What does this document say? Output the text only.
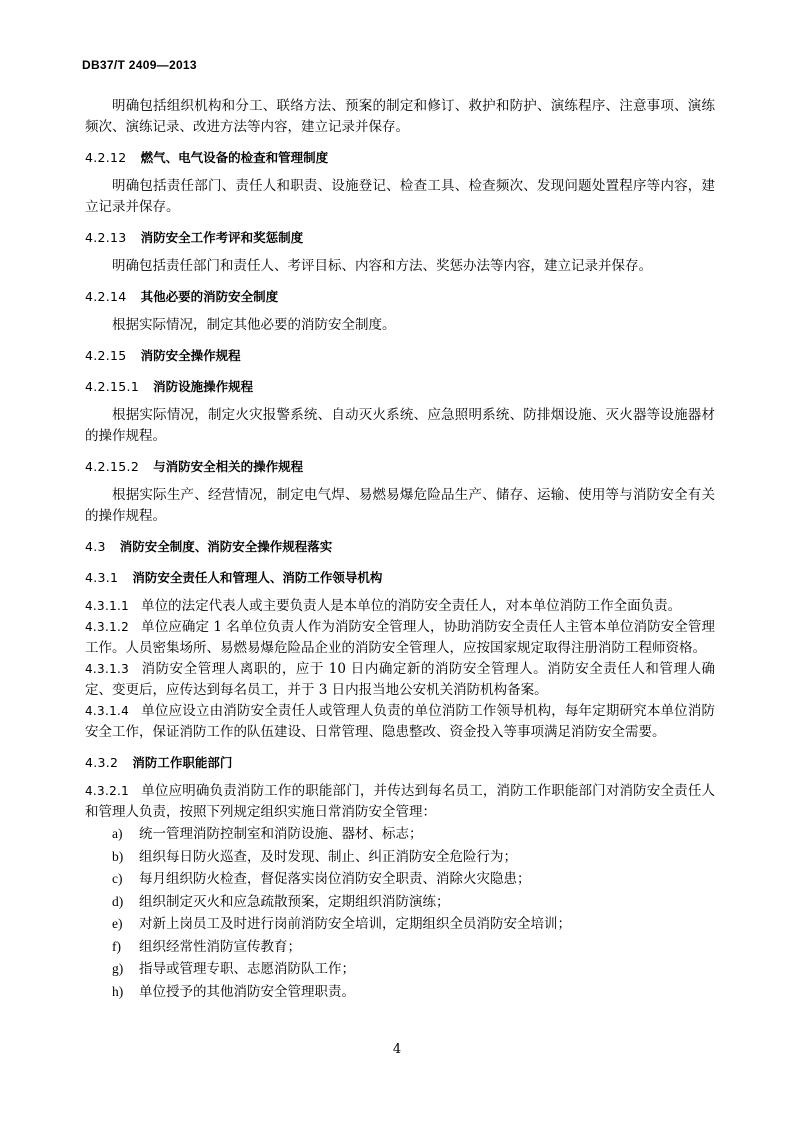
DB37/T 2409—2013

明确包括组织机构和分工、联络方法、预案的制定和修订、救护和防护、演练程序、注意事项、演练频次、演练记录、改进方法等内容，建立记录并保存。

4.2.12 燃气、电气设备的检查和管理制度

明确包括责任部门、责任人和职责、设施登记、检查工具、检查频次、发现问题处置程序等内容，建立记录并保存。

4.2.13 消防安全工作考评和奖惩制度

明确包括责任部门和责任人、考评目标、内容和方法、奖惩办法等内容，建立记录并保存。

4.2.14 其他必要的消防安全制度

根据实际情况，制定其他必要的消防安全制度。

4.2.15 消防安全操作规程
4.2.15.1 消防设施操作规程

根据实际情况，制定火灾报警系统、自动灭火系统、应急照明系统、防排烟设施、灭火器等设施器材的操作规程。

4.2.15.2 与消防安全相关的操作规程

根据实际生产、经营情况，制定电气焊、易燃易爆危险品生产、储存、运输、使用等与消防安全有关的操作规程。

4.3 消防安全制度、消防安全操作规程落实
4.3.1 消防安全责任人和管理人、消防工作领导机构

4.3.1.1 单位的法定代表人或主要负责人是本单位的消防安全责任人，对本单位消防工作全面负责。

4.3.1.2 单位应确定 1 名单位负责人作为消防安全管理人，协助消防安全责任人主管本单位消防安全管理工作。人员密集场所、易燃易爆危险品企业的消防安全管理人，应按国家规定取得注册消防工程师资格。

4.3.1.3 消防安全管理人离职的，应于 10 日内确定新的消防安全管理人。消防安全责任人和管理人确定、变更后，应传达到每名员工，并于 3 日内报当地公安机关消防机构备案。

4.3.1.4 单位应设立由消防安全责任人或管理人负责的单位消防工作领导机构，每年定期研究本单位消防安全工作，保证消防工作的队伍建设、日常管理、隐患整改、资金投入等事项满足消防安全需要。

4.3.2 消防工作职能部门

4.3.2.1 单位应明确负责消防工作的职能部门，并传达到每名员工，消防工作职能部门对消防安全责任人和管理人负责，按照下列规定组织实施日常消防安全管理：

a) 统一管理消防控制室和消防设施、器材、标志；
b) 组织每日防火巡查，及时发现、制止、纠正消防安全危险行为；
c) 每月组织防火检查，督促落实岗位消防安全职责、消除火灾隐患；
d) 组织制定灭火和应急疏散预案，定期组织消防演练；
e) 对新上岗员工及时进行岗前消防安全培训，定期组织全员消防安全培训；
f) 组织经常性消防宣传教育；
g) 指导或管理专职、志愿消防队工作；
h) 单位授予的其他消防安全管理职责。
4
